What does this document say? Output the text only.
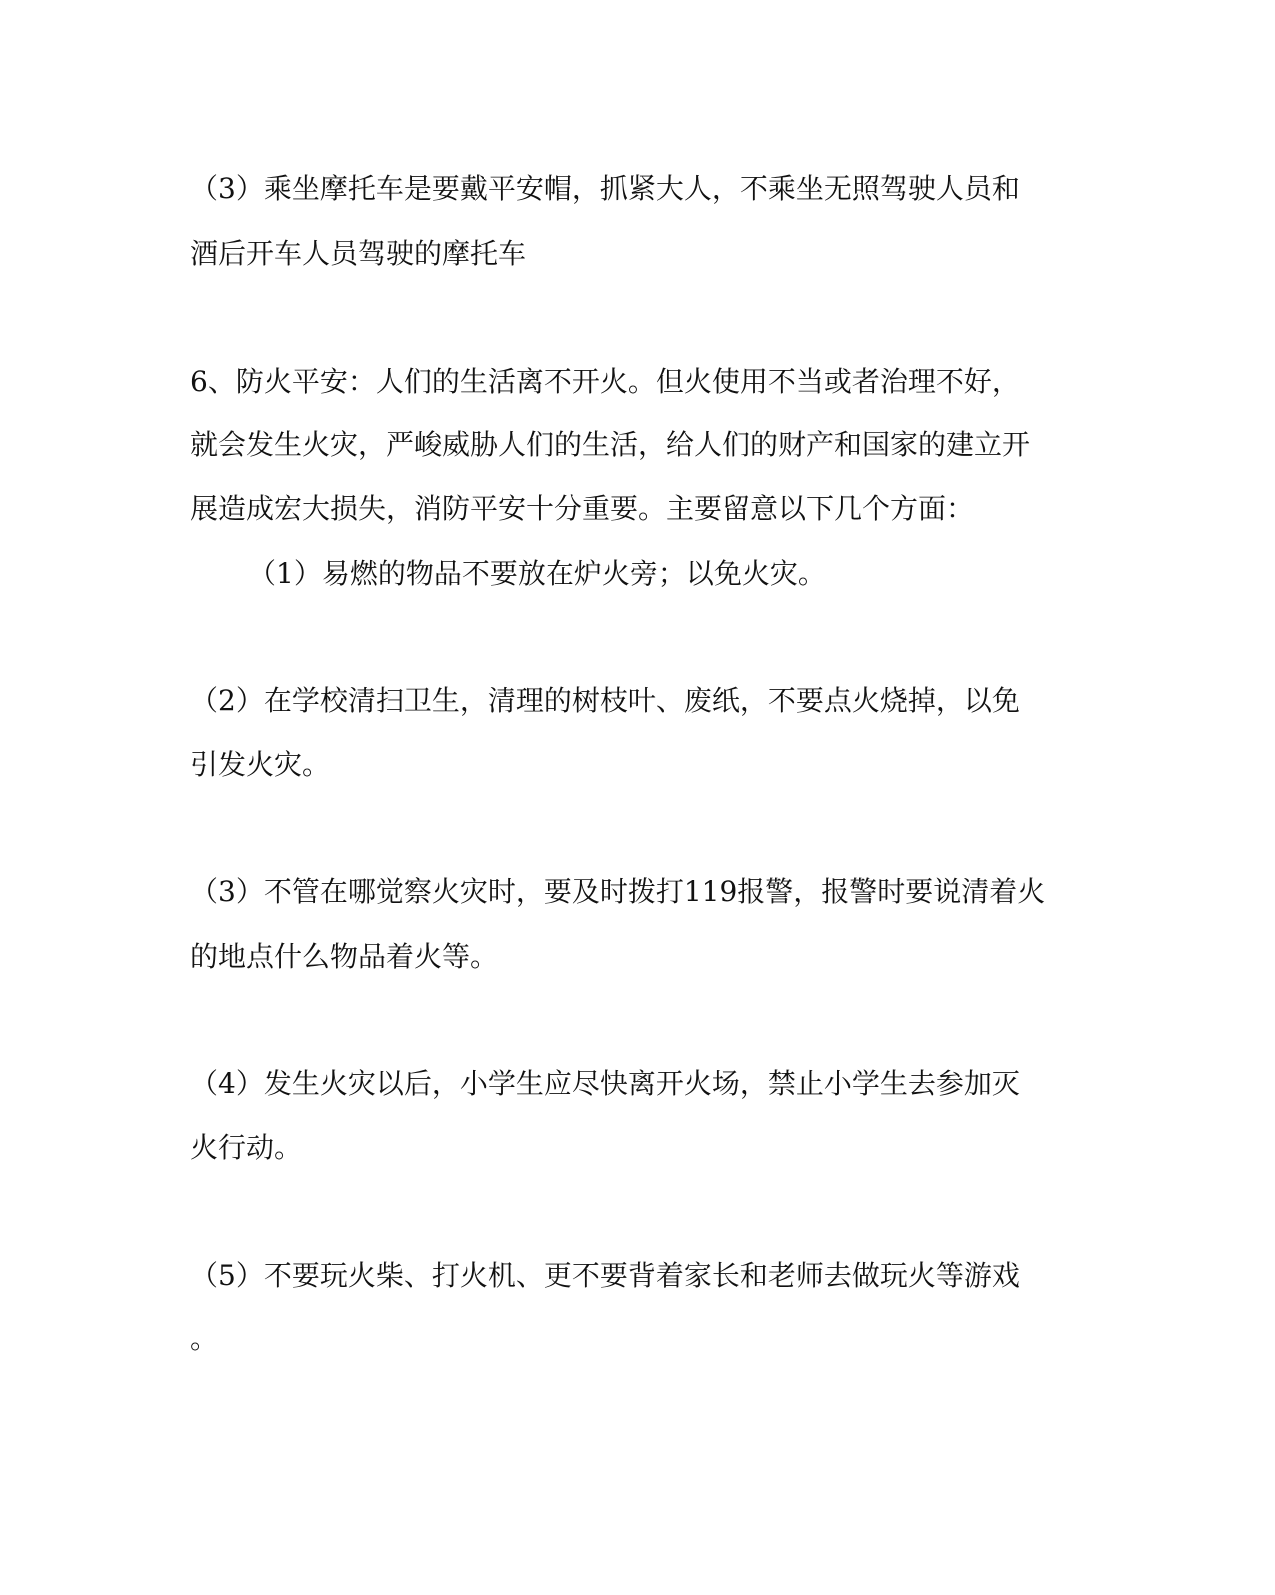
（3）乘坐摩托车是要戴平安帽，抓紧大人，不乘坐无照驾驶人员和
酒后开车人员驾驶的摩托车
6、防火平安：人们的生活离不开火。但火使用不当或者治理不好，
就会发生火灾，严峻威胁人们的生活，给人们的财产和国家的建立开
展造成宏大损失，消防平安十分重要。主要留意以下几个方面：
（1）易燃的物品不要放在炉火旁；以免火灾。
（2）在学校清扫卫生，清理的树枝叶、废纸，不要点火烧掉，以免
引发火灾。
（3）不管在哪觉察火灾时，要及时拨打119报警，报警时要说清着火
的地点什么物品着火等。
（4）发生火灾以后，小学生应尽快离开火场，禁止小学生去参加灭
火行动。
（5）不要玩火柴、打火机、更不要背着家长和老师去做玩火等游戏
。
